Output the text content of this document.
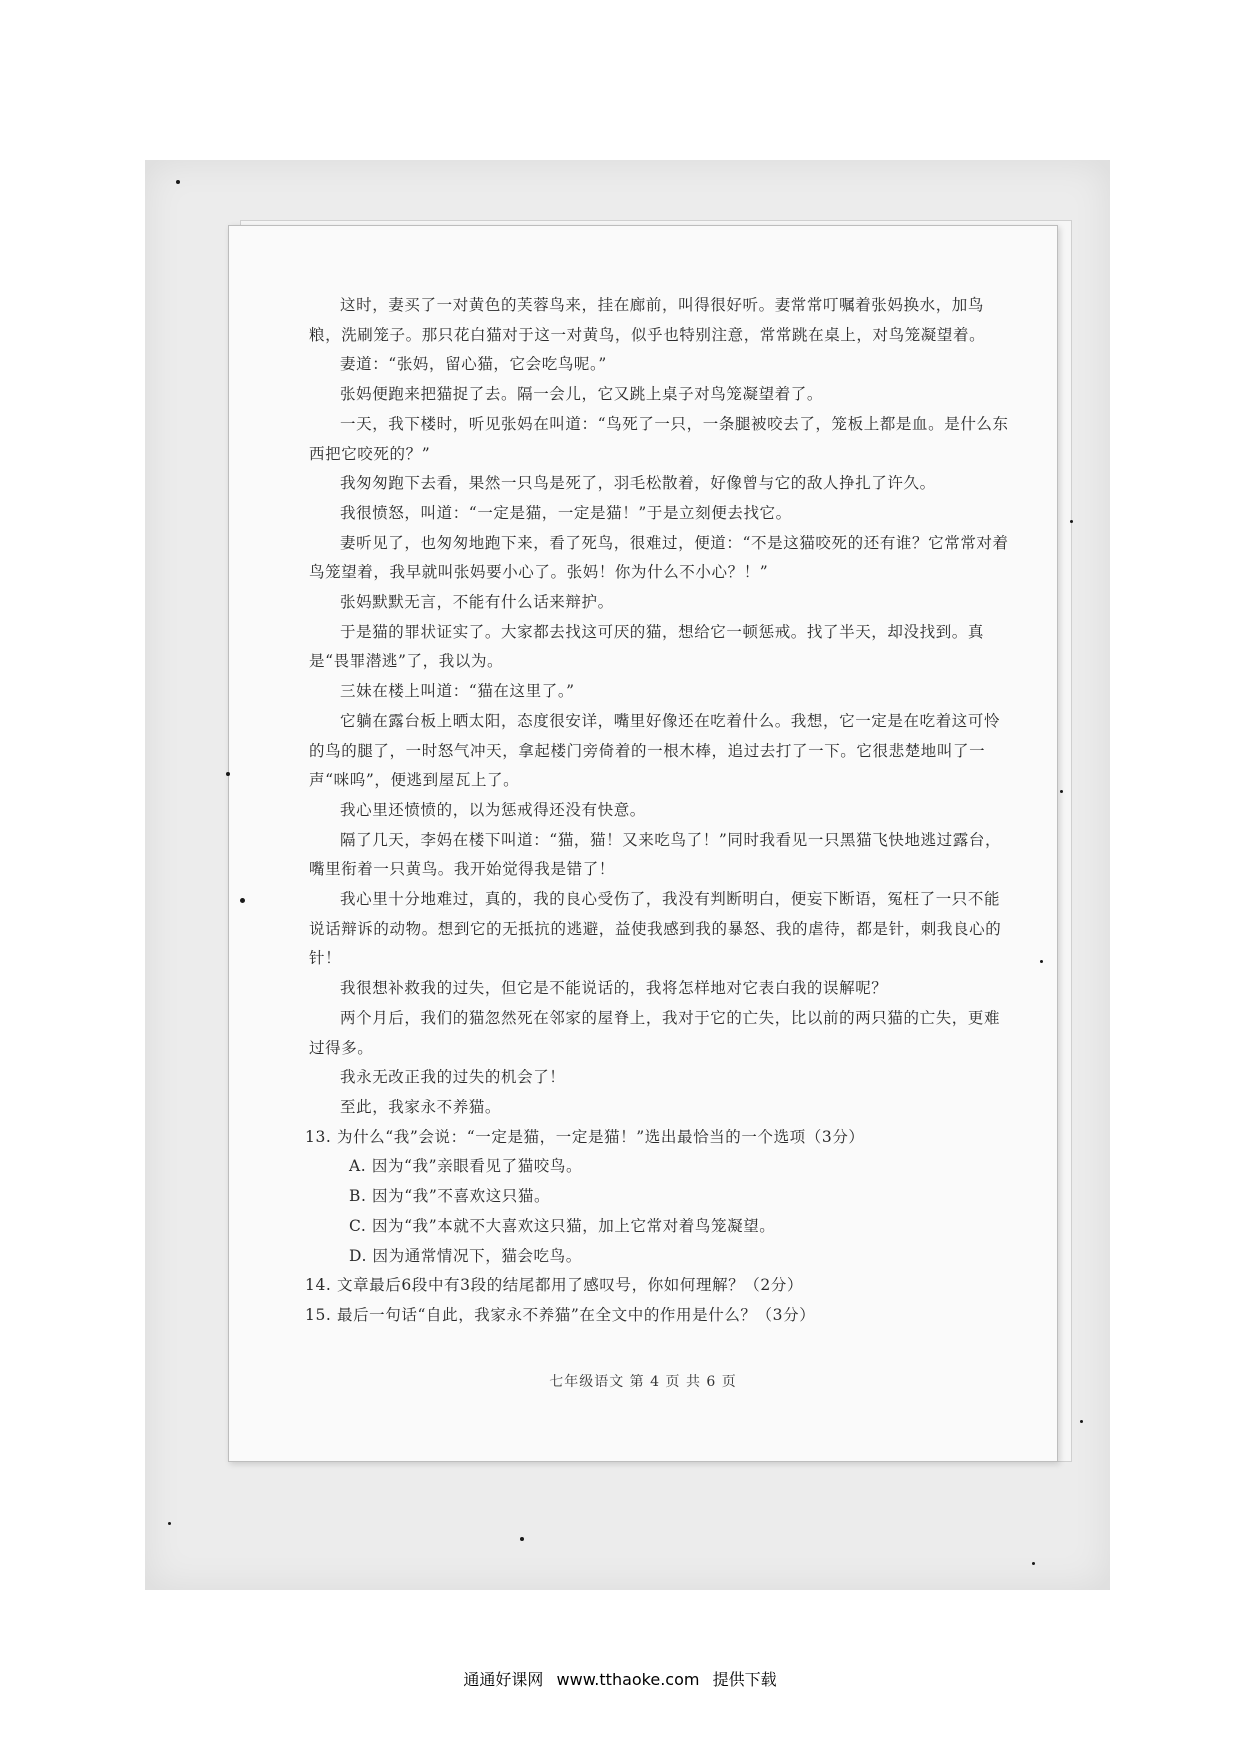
这时，妻买了一对黄色的芙蓉鸟来，挂在廊前，叫得很好听。妻常常叮嘱着张妈换水，加鸟粮，洗刷笼子。那只花白猫对于这一对黄鸟，似乎也特别注意，常常跳在桌上，对鸟笼凝望着。

妻道：“张妈，留心猫，它会吃鸟呢。”

张妈便跑来把猫捉了去。隔一会儿，它又跳上桌子对鸟笼凝望着了。

一天，我下楼时，听见张妈在叫道：“鸟死了一只，一条腿被咬去了，笼板上都是血。是什么东西把它咬死的？”

我匆匆跑下去看，果然一只鸟是死了，羽毛松散着，好像曾与它的敌人挣扎了许久。

我很愤怒，叫道：“一定是猫，一定是猫！”于是立刻便去找它。

妻听见了，也匆匆地跑下来，看了死鸟，很难过，便道：“不是这猫咬死的还有谁？它常常对着鸟笼望着，我早就叫张妈要小心了。张妈！你为什么不小心？！”

张妈默默无言，不能有什么话来辩护。

于是猫的罪状证实了。大家都去找这可厌的猫，想给它一顿惩戒。找了半天，却没找到。真是“畏罪潜逃”了，我以为。

三妹在楼上叫道：“猫在这里了。”

它躺在露台板上晒太阳，态度很安详，嘴里好像还在吃着什么。我想，它一定是在吃着这可怜的鸟的腿了，一时怒气冲天，拿起楼门旁倚着的一根木棒，追过去打了一下。它很悲楚地叫了一声“咪呜”，便逃到屋瓦上了。

我心里还愤愤的，以为惩戒得还没有快意。

隔了几天，李妈在楼下叫道：“猫，猫！又来吃鸟了！”同时我看见一只黑猫飞快地逃过露台，嘴里衔着一只黄鸟。我开始觉得我是错了！

我心里十分地难过，真的，我的良心受伤了，我没有判断明白，便妄下断语，冤枉了一只不能说话辩诉的动物。想到它的无抵抗的逃避，益使我感到我的暴怒、我的虐待，都是针，刺我良心的针！

我很想补救我的过失，但它是不能说话的，我将怎样地对它表白我的误解呢？

两个月后，我们的猫忽然死在邻家的屋脊上，我对于它的亡失，比以前的两只猫的亡失，更难过得多。

我永无改正我的过失的机会了！

至此，我家永不养猫。

13. 为什么“我”会说：“一定是猫，一定是猫！”选出最恰当的一个选项（3分）

A. 因为“我”亲眼看见了猫咬鸟。

B. 因为“我”不喜欢这只猫。

C. 因为“我”本就不大喜欢这只猫，加上它常对着鸟笼凝望。

D. 因为通常情况下，猫会吃鸟。

14. 文章最后6段中有3段的结尾都用了感叹号，你如何理解？（2分）

15. 最后一句话“自此，我家永不养猫”在全文中的作用是什么？（3分）

七年级语文 第 4 页 共 6 页
通通好课网 www.tthaoke.com 提供下载
